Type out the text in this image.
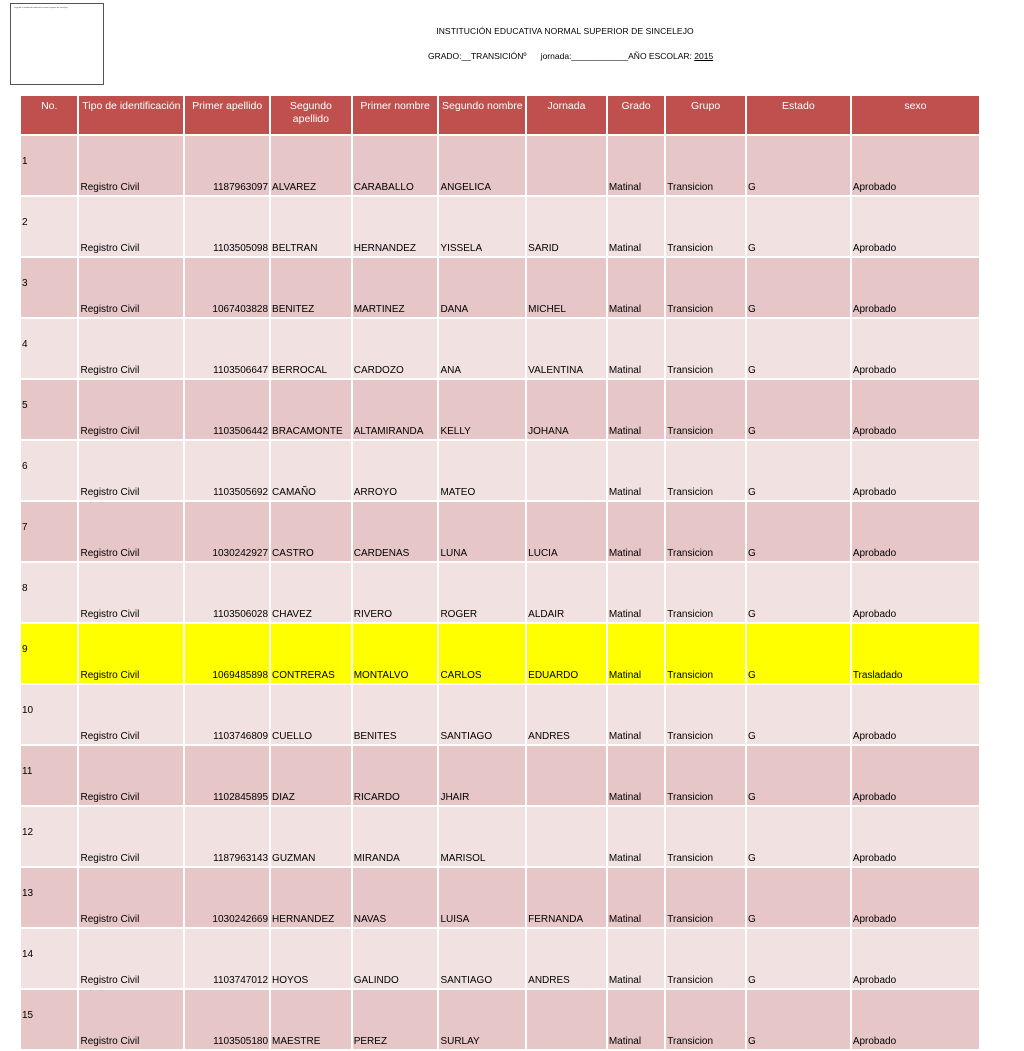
Logo de la institución educativa normal superior de sincelejo
INSTITUCIÓN EDUCATIVA NORMAL SUPERIOR DE SINCELEJO
GRADO:__TRANSICIÓNº jornada:____________AÑO ESCOLAR: 2015
No.	Tipo de identificación	Primer apellido	Segundo apellido	Primer nombre	Segundo nombre	Jornada	Grado	Grupo	Estado	sexo
1	Registro Civil	1187963097	ALVAREZ	CARABALLO	ANGELICA		Matinal	Transicion	G	Aprobado
2	Registro Civil	1103505098	BELTRAN	HERNANDEZ	YISSELA	SARID	Matinal	Transicion	G	Aprobado
3	Registro Civil	1067403828	BENITEZ	MARTINEZ	DANA	MICHEL	Matinal	Transicion	G	Aprobado
4	Registro Civil	1103506647	BERROCAL	CARDOZO	ANA	VALENTINA	Matinal	Transicion	G	Aprobado
5	Registro Civil	1103506442	BRACAMONTE	ALTAMIRANDA	KELLY	JOHANA	Matinal	Transicion	G	Aprobado
6	Registro Civil	1103505692	CAMAÑO	ARROYO	MATEO		Matinal	Transicion	G	Aprobado
7	Registro Civil	1030242927	CASTRO	CARDENAS	LUNA	LUCIA	Matinal	Transicion	G	Aprobado
8	Registro Civil	1103506028	CHAVEZ	RIVERO	ROGER	ALDAIR	Matinal	Transicion	G	Aprobado
9	Registro Civil	1069485898	CONTRERAS	MONTALVO	CARLOS	EDUARDO	Matinal	Transicion	G	Trasladado
10	Registro Civil	1103746809	CUELLO	BENITES	SANTIAGO	ANDRES	Matinal	Transicion	G	Aprobado
11	Registro Civil	1102845895	DIAZ	RICARDO	JHAIR		Matinal	Transicion	G	Aprobado
12	Registro Civil	1187963143	GUZMAN	MIRANDA	MARISOL		Matinal	Transicion	G	Aprobado
13	Registro Civil	1030242669	HERNANDEZ	NAVAS	LUISA	FERNANDA	Matinal	Transicion	G	Aprobado
14	Registro Civil	1103747012	HOYOS	GALINDO	SANTIAGO	ANDRES	Matinal	Transicion	G	Aprobado
15	Registro Civil	1103505180	MAESTRE	PEREZ	SURLAY		Matinal	Transicion	G	Aprobado
